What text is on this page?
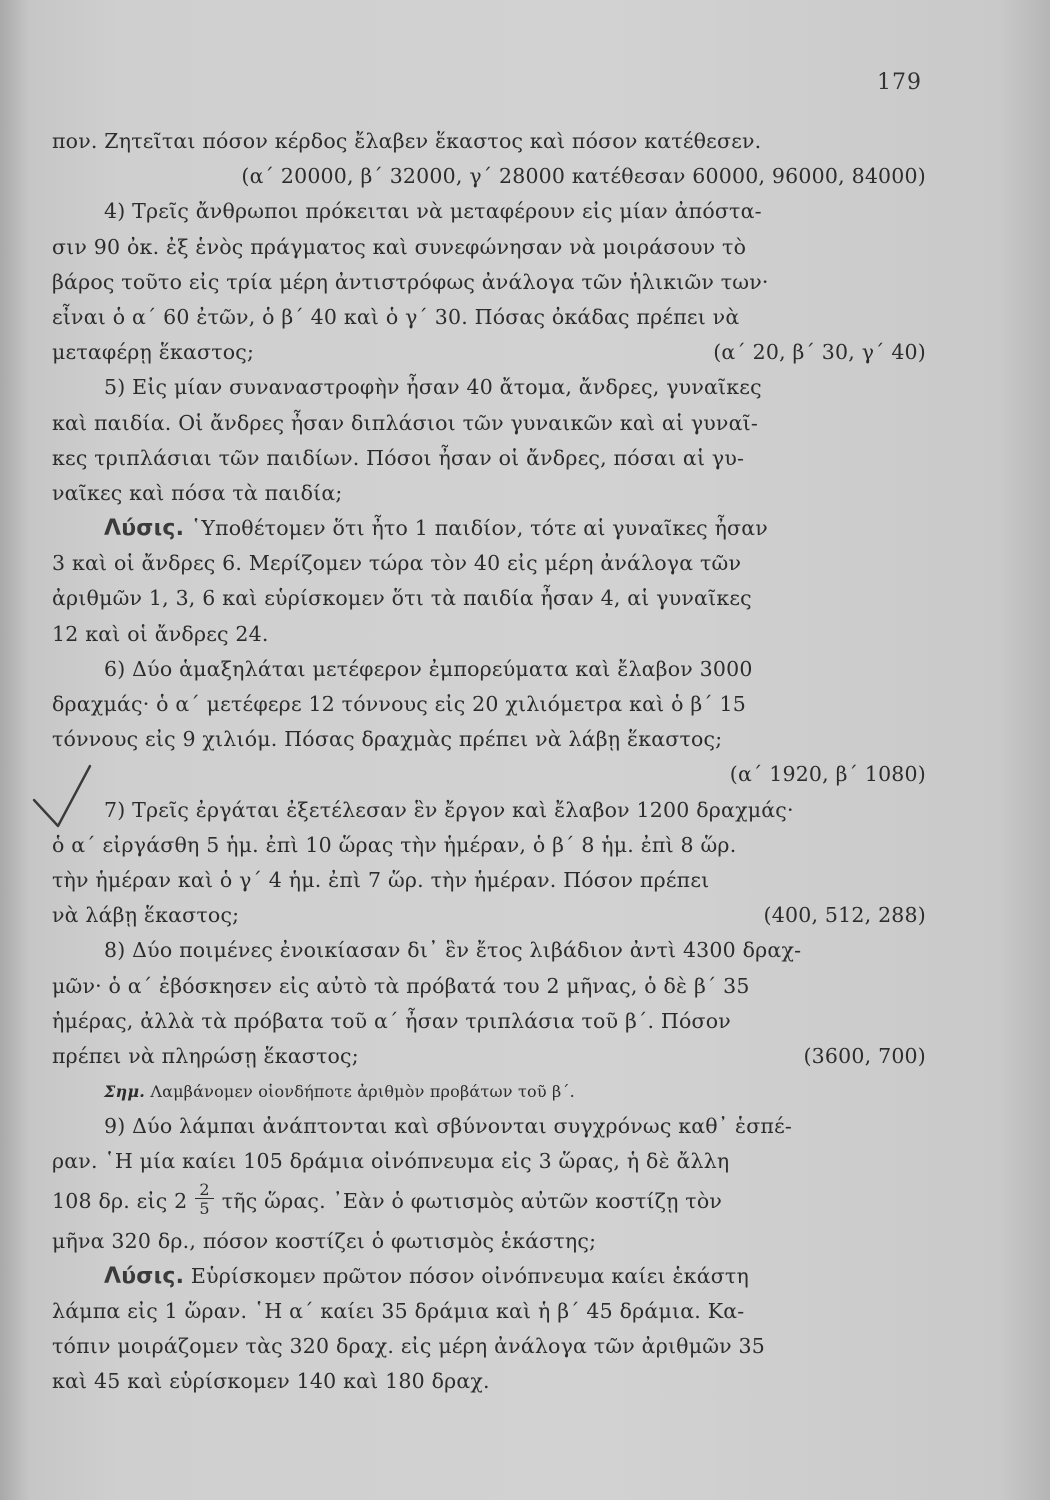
179
πον. Ζητεῖται πόσον κέρδος ἔλαβεν ἕκαστος καὶ πόσον κατέθεσεν.
(α΄ 20000, β΄ 32000, γ΄ 28000 κατέθεσαν 60000, 96000, 84000)
4) Τρεῖς ἄνθρωποι πρόκειται νὰ μεταφέρουν εἰς μίαν ἀπόστα-
σιν 90 ὀκ. ἐξ ἑνὸς πράγματος καὶ συνεφώνησαν νὰ μοιράσουν τὸ
βάρος τοῦτο εἰς τρία μέρη ἀντιστρόφως ἀνάλογα τῶν ἡλικιῶν των·
εἶναι ὁ α΄ 60 ἐτῶν, ὁ β΄ 40 καὶ ὁ γ΄ 30. Πόσας ὀκάδας πρέπει νὰ
μεταφέρῃ ἕκαστος;	(α΄ 20, β΄ 30, γ΄ 40)
5) Εἰς μίαν συναναστροφὴν ἦσαν 40 ἄτομα, ἄνδρες, γυναῖκες
καὶ παιδία. Οἱ ἄνδρες ἦσαν διπλάσιοι τῶν γυναικῶν καὶ αἱ γυναῖ-
κες τριπλάσιαι τῶν παιδίων. Πόσοι ἦσαν οἱ ἄνδρες, πόσαι αἱ γυ-
ναῖκες καὶ πόσα τὰ παιδία;
Λύσις.
῾Υποθέτομεν ὅτι ἦτο 1 παιδίον, τότε αἱ γυναῖκες ἦσαν
3 καὶ οἱ ἄνδρες 6. Μερίζομεν τώρα τὸν 40 εἰς μέρη ἀνάλογα τῶν
ἀριθμῶν 1, 3, 6 καὶ εὑρίσκομεν ὅτι τὰ παιδία ἦσαν 4, αἱ γυναῖκες
12 καὶ οἱ ἄνδρες 24.
6) Δύο ἁμαξηλάται μετέφερον ἐμπορεύματα καὶ ἔλαβον 3000
δραχμάς· ὁ α΄ μετέφερε 12 τόννους εἰς 20 χιλιόμετρα καὶ ὁ β΄ 15
τόννους εἰς 9 χιλιόμ. Πόσας δραχμὰς πρέπει νὰ λάβῃ ἕκαστος;
(α΄ 1920, β΄ 1080)
7) Τρεῖς ἐργάται ἐξετέλεσαν ἓν ἔργον καὶ ἔλαβον 1200 δραχμάς·
ὁ α΄ εἰργάσθη 5 ἡμ. ἐπὶ 10 ὥρας τὴν ἡμέραν, ὁ β΄ 8 ἡμ. ἐπὶ 8 ὥρ.
τὴν ἡμέραν καὶ ὁ γ΄ 4 ἡμ. ἐπὶ 7 ὥρ. τὴν ἡμέραν. Πόσον πρέπει
νὰ λάβῃ ἕκαστος;	(400, 512, 288)
8) Δύο ποιμένες ἐνοικίασαν δι᾽ ἓν ἔτος λιβάδιον ἀντὶ 4300 δραχ-
μῶν· ὁ α΄ ἐβόσκησεν εἰς αὐτὸ τὰ πρόβατά του 2 μῆνας, ὁ δὲ β΄ 35
ἡμέρας, ἀλλὰ τὰ πρόβατα τοῦ α΄ ἦσαν τριπλάσια τοῦ β΄. Πόσον
πρέπει νὰ πληρώσῃ ἕκαστος;	(3600, 700)
Σημ.
Λαμβάνομεν οἱονδήποτε ἀριθμὸν προβάτων τοῦ β΄.
9) Δύο λάμπαι ἀνάπτονται καὶ σβύνονται συγχρόνως καθ᾽ ἑσπέ-
ραν. ῾Η μία καίει 105 δράμια οἰνόπνευμα εἰς 3 ὥρας, ἡ δὲ ἄλλη
108 δρ. εἰς $2 \frac{2}{5}$ τῆς ὥρας. ᾿Εὰν ὁ φωτισμὸς αὐτῶν κοστίζῃ τὸν
μῆνα 320 δρ., πόσον κοστίζει ὁ φωτισμὸς ἑκάστης;
Λύσις.
Εὑρίσκομεν πρῶτον πόσον οἰνόπνευμα καίει ἑκάστη
λάμπα εἰς 1 ὥραν. ῾Η α΄ καίει 35 δράμια καὶ ἡ β΄ 45 δράμια. Κα-
τόπιν μοιράζομεν τὰς 320 δραχ. εἰς μέρη ἀνάλογα τῶν ἀριθμῶν 35
καὶ 45 καὶ εὑρίσκομεν 140 καὶ 180 δραχ.
